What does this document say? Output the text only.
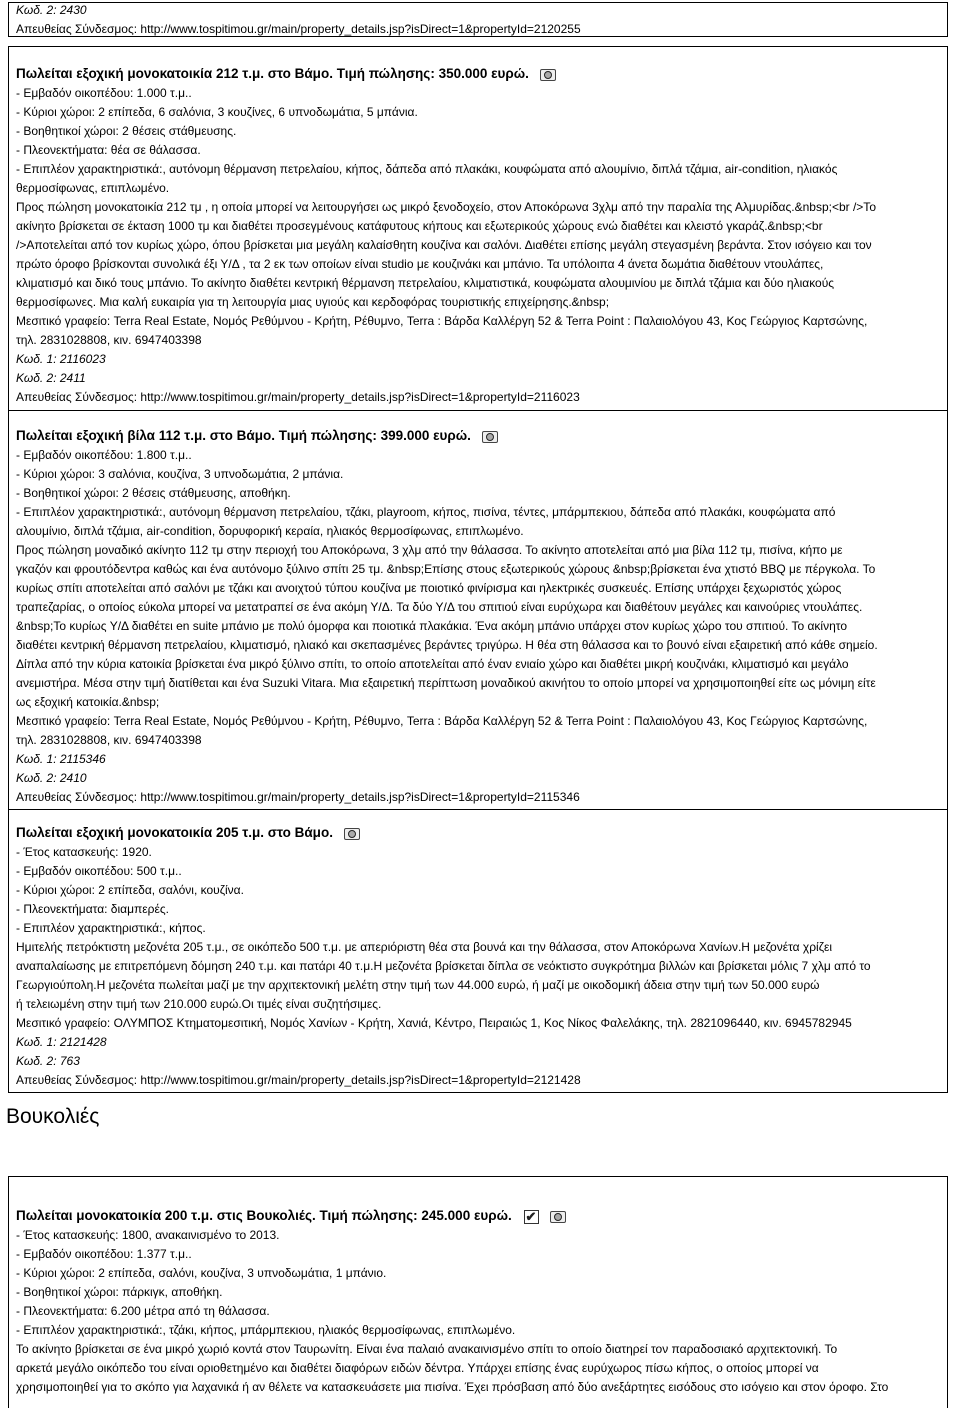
Κωδ. 2: 2430
Απευθείας Σύνδεσμος: http://www.tospitimou.gr/main/property_details.jsp?isDirect=1&propertyId=2120255
Πωλείται εξοχική μονοκατοικία 212 τ.μ. στο Βάμο. Τιμή πώλησης: 350.000 ευρώ.
- Εμβαδόν οικοπέδου: 1.000 τ.μ..
- Κύριοι χώροι: 2 επίπεδα, 6 σαλόνια, 3 κουζίνες, 6 υπνοδωμάτια, 5 μπάνια.
- Βοηθητικοί χώροι: 2 θέσεις στάθμευσης.
- Πλεονεκτήματα: θέα σε θάλασσα.
- Επιπλέον χαρακτηριστικά:, αυτόνομη θέρμανση πετρελαίου, κήπος, δάπεδα από πλακάκι, κουφώματα από αλουμίνιο, διπλά τζάμια, air-condition, ηλιακός
θερμοσίφωνας, επιπλωμένο.
Προς πώληση μονοκατοικία 212 τμ , η οποία μπορεί να λειτουργήσει ως μικρό ξενοδοχείο, στον Αποκόρωνα 3χλμ από την παραλία της Αλμυρίδας.&nbsp;<br />Το
ακίνητο βρίσκεται σε έκταση 1000 τμ και διαθέτει προσεγμένους κατάφυτους κήπους και εξωτερικούς χώρους ενώ διαθέτει και κλειστό γκαράζ.&nbsp;<br
/>Αποτελείται από τον κυρίως χώρο, όπου βρίσκεται μια μεγάλη καλαίσθητη κουζίνα και σαλόνι. Διαθέτει επίσης μεγάλη στεγασμένη βεράντα. Στον ισόγειο και τον
πρώτο όροφο βρίσκονται συνολικά έξι Υ/Δ , τα 2 εκ των οποίων είναι studio με κουζινάκι και μπάνιο. Τα υπόλοιπα 4 άνετα δωμάτια διαθέτουν ντουλάπες,
κλιματισμό και δικό τους μπάνιο. Το ακίνητο διαθέτει κεντρική θέρμανση πετρελαίου, κλιματιστικά, κουφώματα αλουμινίου με διπλά τζάμια και δύο ηλιακούς
θερμοσίφωνες. Μια καλή ευκαιρία για τη λειτουργία μιας υγιούς και κερδοφόρας τουριστικής επιχείρησης.&nbsp;
Μεσιτικό γραφείο: Terra Real Estate, Νομός Ρεθύμνου - Κρήτη, Ρέθυμνο, Terra : Βάρδα Καλλέργη 52 & Terra Point : Παλαιολόγου 43, Κος Γεώργιος Καρτσώνης,
τηλ. 2831028808, κιν. 6947403398
Κωδ. 1: 2116023
Κωδ. 2: 2411
Απευθείας Σύνδεσμος: http://www.tospitimou.gr/main/property_details.jsp?isDirect=1&propertyId=2116023
Πωλείται εξοχική βίλα 112 τ.μ. στο Βάμο. Τιμή πώλησης: 399.000 ευρώ.
- Εμβαδόν οικοπέδου: 1.800 τ.μ..
- Κύριοι χώροι: 3 σαλόνια, κουζίνα, 3 υπνοδωμάτια, 2 μπάνια.
- Βοηθητικοί χώροι: 2 θέσεις στάθμευσης, αποθήκη.
- Επιπλέον χαρακτηριστικά:, αυτόνομη θέρμανση πετρελαίου, τζάκι, playroom, κήπος, πισίνα, τέντες, μπάρμπεκιου, δάπεδα από πλακάκι, κουφώματα από
αλουμίνιο, διπλά τζάμια, air-condition, δορυφορική κεραία, ηλιακός θερμοσίφωνας, επιπλωμένο.
Προς πώληση μοναδικό ακίνητο 112 τμ στην περιοχή του Αποκόρωνα, 3 χλμ από την θάλασσα. Το ακίνητο αποτελείται από μια βίλα 112 τμ, πισίνα, κήπο με
γκαζόν και φρουτόδεντρα καθώς και ένα αυτόνομο ξύλινο σπίτι 25 τμ. &nbsp;Επίσης στους εξωτερικούς χώρους &nbsp;βρίσκεται ένα χτιστό BBQ με πέργκολα. Το
κυρίως σπίτι αποτελείται από σαλόνι με τζάκι και ανοιχτού τύπου κουζίνα με ποιοτικό φινίρισμα και ηλεκτρικές συσκευές. Επίσης υπάρχει ξεχωριστός χώρος
τραπεζαρίας, ο οποίος εύκολα μπορεί να μετατραπεί σε ένα ακόμη Υ/Δ. Τα δύο Υ/Δ του σπιτιού είναι ευρύχωρα και διαθέτουν μεγάλες και καινούριες ντουλάπες.
&nbsp;Το κυρίως Υ/Δ διαθέτει en suite μπάνιο με πολύ όμορφα και ποιοτικά πλακάκια. Ένα ακόμη μπάνιο υπάρχει στον κυρίως χώρο του σπιτιού. Το ακίνητο
διαθέτει κεντρική θέρμανση πετρελαίου, κλιματισμό, ηλιακό και σκεπασμένες βεράντες τριγύρω. Η θέα στη θάλασσα και το βουνό είναι εξαιρετική από κάθε σημείο.
Δίπλα από την κύρια κατοικία βρίσκεται ένα μικρό ξύλινο σπίτι, το οποίο αποτελείται από έναν ενιαίο χώρο και διαθέτει μικρή κουζινάκι, κλιματισμό και μεγάλο
ανεμιστήρα. Μέσα στην τιμή διατίθεται και ένα Suzuki Vitara. Μια εξαιρετική περίπτωση μοναδικού ακινήτου το οποίο μπορεί να χρησιμοποιηθεί είτε ως μόνιμη είτε
ως εξοχική κατοικία.&nbsp;
Μεσιτικό γραφείο: Terra Real Estate, Νομός Ρεθύμνου - Κρήτη, Ρέθυμνο, Terra : Βάρδα Καλλέργη 52 & Terra Point : Παλαιολόγου 43, Κος Γεώργιος Καρτσώνης,
τηλ. 2831028808, κιν. 6947403398
Κωδ. 1: 2115346
Κωδ. 2: 2410
Απευθείας Σύνδεσμος: http://www.tospitimou.gr/main/property_details.jsp?isDirect=1&propertyId=2115346
Πωλείται εξοχική μονοκατοικία 205 τ.μ. στο Βάμο.
- Έτος κατασκευής: 1920.
- Εμβαδόν οικοπέδου: 500 τ.μ..
- Κύριοι χώροι: 2 επίπεδα, σαλόνι, κουζίνα.
- Πλεονεκτήματα: διαμπερές.
- Επιπλέον χαρακτηριστικά:, κήπος.
Ημιτελής πετρόκτιστη μεζονέτα 205 τ.μ., σε οικόπεδο 500 τ.μ. με απεριόριστη θέα στα βουνά και την θάλασσα, στον Αποκόρωνα Χανίων.Η μεζονέτα χρίζει
αναπαλαίωσης με επιτρεπόμενη δόμηση 240 τ.μ. και πατάρι 40 τ.μ.Η μεζονέτα βρίσκεται δίπλα σε νεόκτιστο συγκρότημα βιλλών και βρίσκεται μόλις 7 χλμ από το
Γεωργιούπολη.Η μεζονέτα πωλείται μαζί με την αρχιτεκτονική μελέτη στην τιμή των 44.000 ευρώ, ή μαζί με οικοδομική άδεια στην τιμή των 50.000 ευρώ
ή τελειωμένη στην τιμή των 210.000 ευρώ.Οι τιμές είναι συζητήσιμες.
Μεσιτικό γραφείο: ΟΛΥΜΠΟΣ Κτηματομεσιτική, Νομός Χανίων - Κρήτη, Χανιά, Κέντρο, Πειραιώς 1, Κος Νίκος Φαλελάκης, τηλ. 2821096440, κιν. 6945782945
Κωδ. 1: 2121428
Κωδ. 2: 763
Απευθείας Σύνδεσμος: http://www.tospitimou.gr/main/property_details.jsp?isDirect=1&propertyId=2121428
Βουκολιές
Πωλείται μονοκατοικία 200 τ.μ. στις Βουκολιές. Τιμή πώλησης: 245.000 ευρώ.
✔

- Έτος κατασκευής: 1800, ανακαινισμένο το 2013.
- Εμβαδόν οικοπέδου: 1.377 τ.μ..
- Κύριοι χώροι: 2 επίπεδα, σαλόνι, κουζίνα, 3 υπνοδωμάτια, 1 μπάνιο.
- Βοηθητικοί χώροι: πάρκιγκ, αποθήκη.
- Πλεονεκτήματα: 6.200 μέτρα από τη θάλασσα.
- Επιπλέον χαρακτηριστικά:, τζάκι, κήπος, μπάρμπεκιου, ηλιακός θερμοσίφωνας, επιπλωμένο.
Το ακίνητο βρίσκεται σε ένα μικρό χωριό κοντά στον Ταυρωνίτη. Είναι ένα παλαιό ανακαινισμένο σπίτι το οποίο διατηρεί τον παραδοσιακό αρχιτεκτονική. Το
αρκετά μεγάλο οικόπεδο του είναι οριοθετημένο και διαθέτει διαφόρων ειδών δέντρα. Υπάρχει επίσης ένας ευρύχωρος πίσω κήπος, ο οποίος μπορεί να
χρησιμοποιηθεί για το σκόπο για λαχανικά ή αν θέλετε να κατασκευάσετε μια πισίνα. Έχει πρόσβαση από δύο ανεξάρτητες εισόδους στο ισόγειο και στον όροφο. Στο
